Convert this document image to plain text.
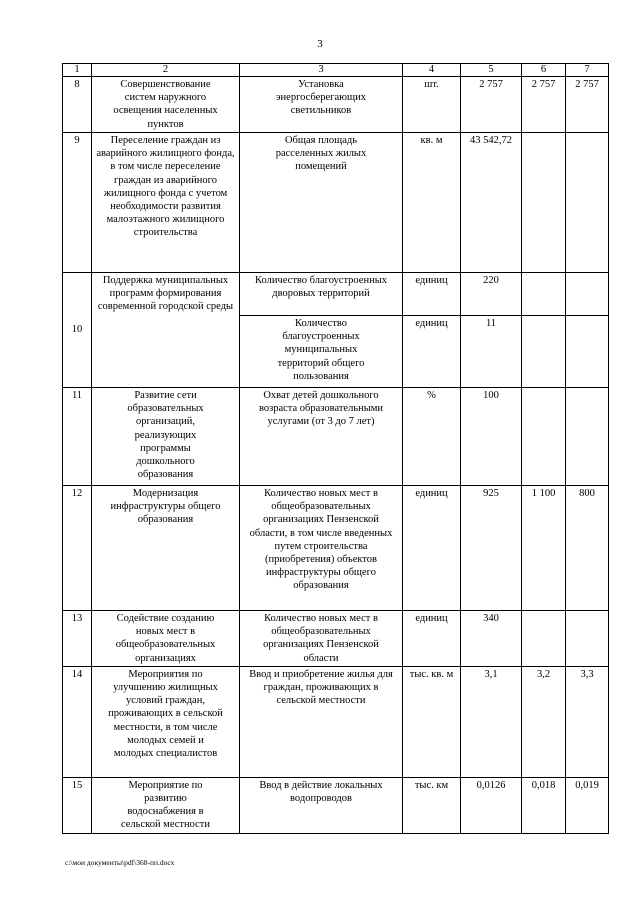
3
1	2	3	4	5	6	7
8	Совершенствование систем наружного освещения населенных пунктов	Установка энергосберегающих светильников	шт.	2 757	2 757	2 757
9	Переселение граждан из аварийного жилищного фонда, в том числе переселение граждан из аварийного жилищного фонда с учетом необходимости развития малоэтажного жилищного строительства	Общая площадь расселенных жилых помещений	кв. м	43 542,72		
10	Поддержка муниципальных программ формирования современной городской среды	Количество благоустроенных дворовых территорий	единиц	220		

		Количество благоустроенных муниципальных территорий общего пользования	единиц	11		
11	Развитие сети образовательных организаций, реализующих программы дошкольного образования	Охват детей дошкольного возраста образовательными услугами (от 3 до 7 лет)	%	100		
12	Модернизация инфраструктуры общего образования	Количество новых мест в общеобразовательных организациях Пензенской области, в том числе введенных путем строительства (приобретения) объектов инфраструктуры общего образования	единиц	925	1 100	800
13	Содействие созданию новых мест в общеобразовательных организациях	Количество новых мест в общеобразовательных организациях Пензенской области	единиц	340		
14	Мероприятия по улучшению жилищных условий граждан, проживающих в сельской местности, в том числе молодых семей и молодых специалистов	Ввод и приобретение жилья для граждан, проживающих в сельской местности	тыс. кв. м	3,1	3,2	3,3
15	Мероприятие по развитию водоснабжения в сельской местности	Ввод в действие локальных водопроводов	тыс. км	0,0126	0,018	0,019
c:\мои документы\pdf\368-пп.docx
